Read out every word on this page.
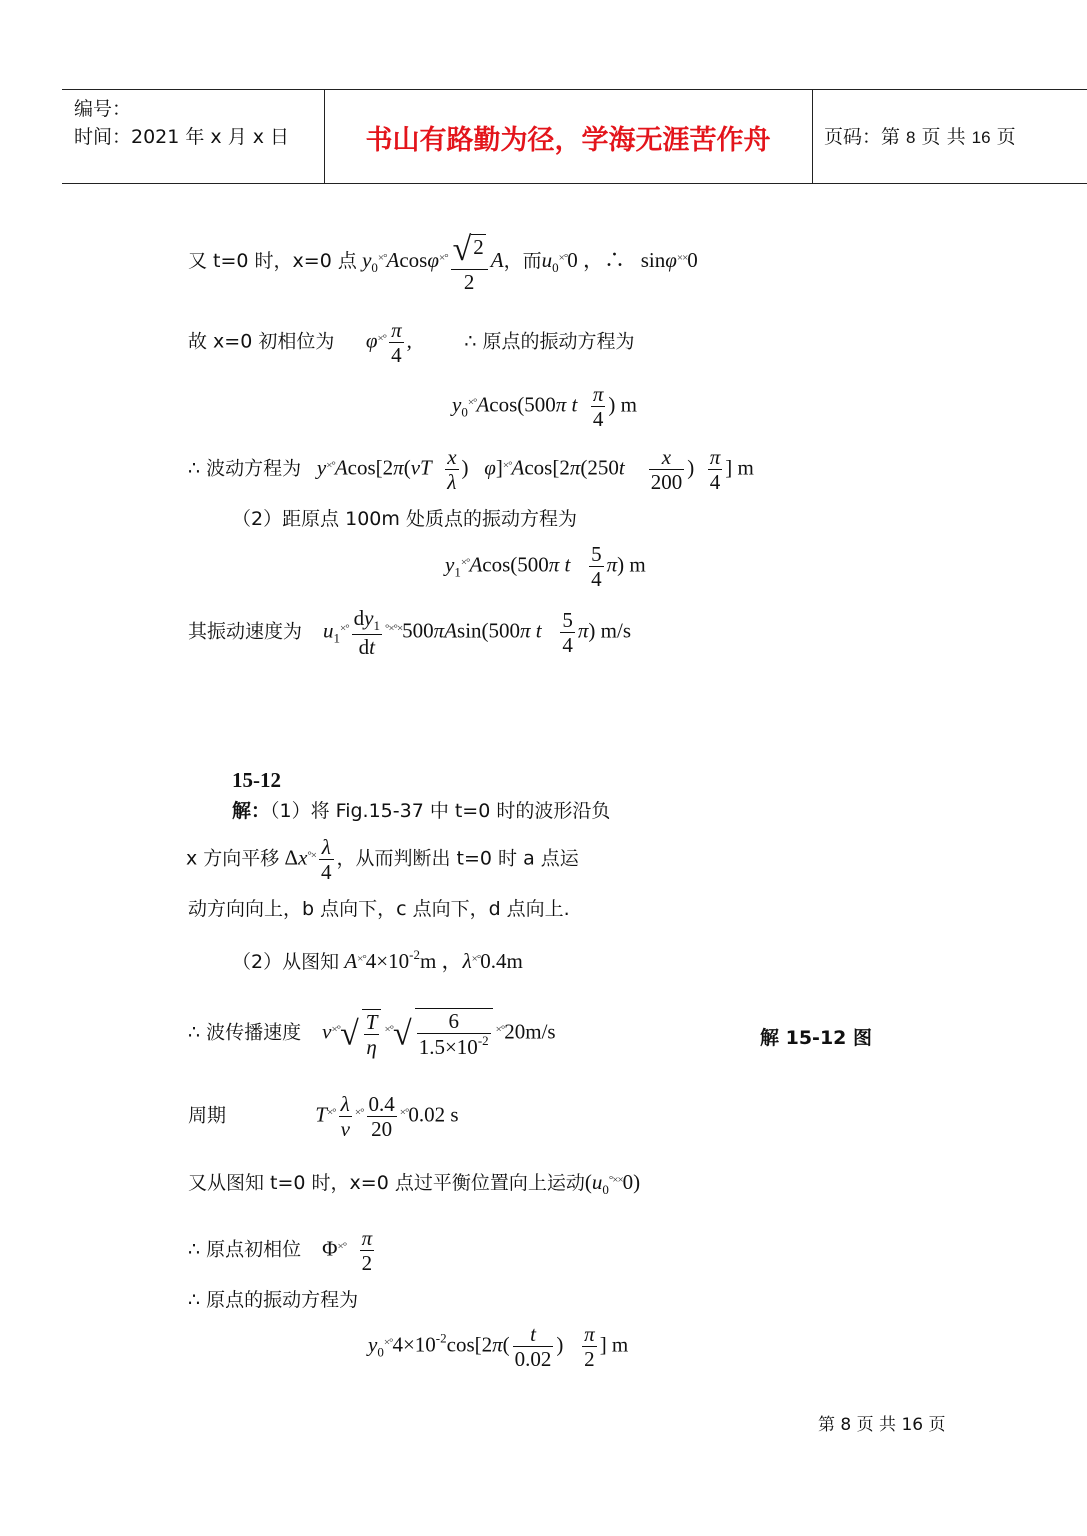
编号：
时间：2021 年 x 月 x 日	书山有路勤为径，学海无涯苦作舟	页码：第 8 页 共 16 页
又 t=0 时，x=0 点 $y_0^{\times^\circ}Acos\varphi^{\times^\circ} \frac{√2}{2}$ A，而$u_0^{\times^\circ}0$ ，∴   sinφ××0
故 x=0 初相位为 $\varphi^{\times^\circ} \frac{\pi}{4}$ ,          ∴ 原点的振动方程为
$y_0^{\times^\circ}Acos(500\pi$ t $\frac{\pi}{4}$ ) m
∴ 波动方程为 $y^{\times^\circ}Acos[2\pi(\nu T \frac{x}{\lambda}$ )   $\varphi]^{\times^\circ}Acos[2\pi(250t \frac{x}{200}$ ) $\frac{\pi}{4}$ ] m
（2）距原点 100m 处质点的振动方程为
$y_1^{\times^\circ}Acos(500\pi$ t $\frac{5}{4} \pi$) m
其振动速度为 $u_1^{\times^\circ} \frac{dy_1}{dt} ^{^\circ\times^\circ\times}500\pi Asin(500\pi$ t $\frac{5}{4} \pi$) m/s
15-12
解：（1）将 Fig.15-37 中 t=0 时的波形沿负
x 方向平移 $\Delta x^{^\circ\times} \frac{\lambda}{4}$ ，从而判断出 t=0 时 a 点运
动方向向上，b 点向下，c 点向下，d 点向上.
（2）从图知 $A^{\times^\circ}4\times 10^{-2}m$ ，λ×°0.4m
∴ 波传播速度 $v^{\times^\circ}√ \frac{T}{\eta} ^{\times^\circ}√ \frac{6}{1.5\times 10^{-2}} ^{\times^\circ}20m/s$	解 15-12 图
周期	$T^{\times^\circ} \frac{\lambda}{v} ^{\times^\circ} \frac{0.4}{20} ^{\times^\circ}0.02$ s
又从图知 t=0 时，x=0 点过平衡位置向上运动$(u_0^{^\circ\times\times}0)$
∴ 原点初相位    $\Phi^{\times^\circ} \frac{\pi}{2}$
∴ 原点的振动方程为
$y_0^{\times^\circ}4\times 10^{-2}\cos[2\pi( \frac{t}{0.02}$ ) $\frac{\pi}{2}$ ] m
第 8 页 共 16 页
